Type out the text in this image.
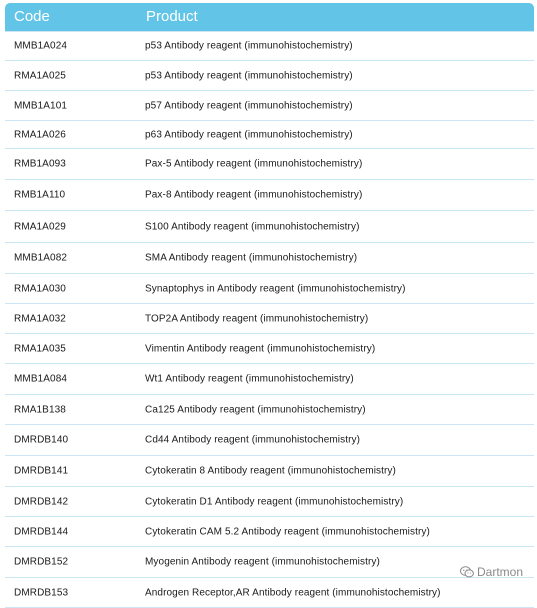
Code	Product
MMB1A024	p53 Antibody reagent (immunohistochemistry)
RMA1A025	p53 Antibody reagent (immunohistochemistry)
MMB1A101	p57 Antibody reagent (immunohistochemistry)
RMA1A026	p63 Antibody reagent (immunohistochemistry)
RMB1A093	Pax-5 Antibody reagent (immunohistochemistry)
RMB1A110	Pax-8 Antibody reagent (immunohistochemistry)
RMA1A029	S100 Antibody reagent (immunohistochemistry)
MMB1A082	SMA Antibody reagent (immunohistochemistry)
RMA1A030	Synaptophys in Antibody reagent (immunohistochemistry)
RMA1A032	TOP2A Antibody reagent (immunohistochemistry)
RMA1A035	Vimentin Antibody reagent (immunohistochemistry)
MMB1A084	Wt1 Antibody reagent (immunohistochemistry)
RMA1B138	Ca125 Antibody reagent (immunohistochemistry)
DMRDB140	Cd44 Antibody reagent (immunohistochemistry)
DMRDB141	Cytokeratin 8 Antibody reagent (immunohistochemistry)
DMRDB142	Cytokeratin D1 Antibody reagent (immunohistochemistry)
DMRDB144	Cytokeratin CAM 5.2 Antibody reagent (immunohistochemistry)
DMRDB152	Myogenin Antibody reagent (immunohistochemistry)
DMRDB153	Androgen Receptor,AR Antibody reagent (immunohistochemistry)
Dartmon
